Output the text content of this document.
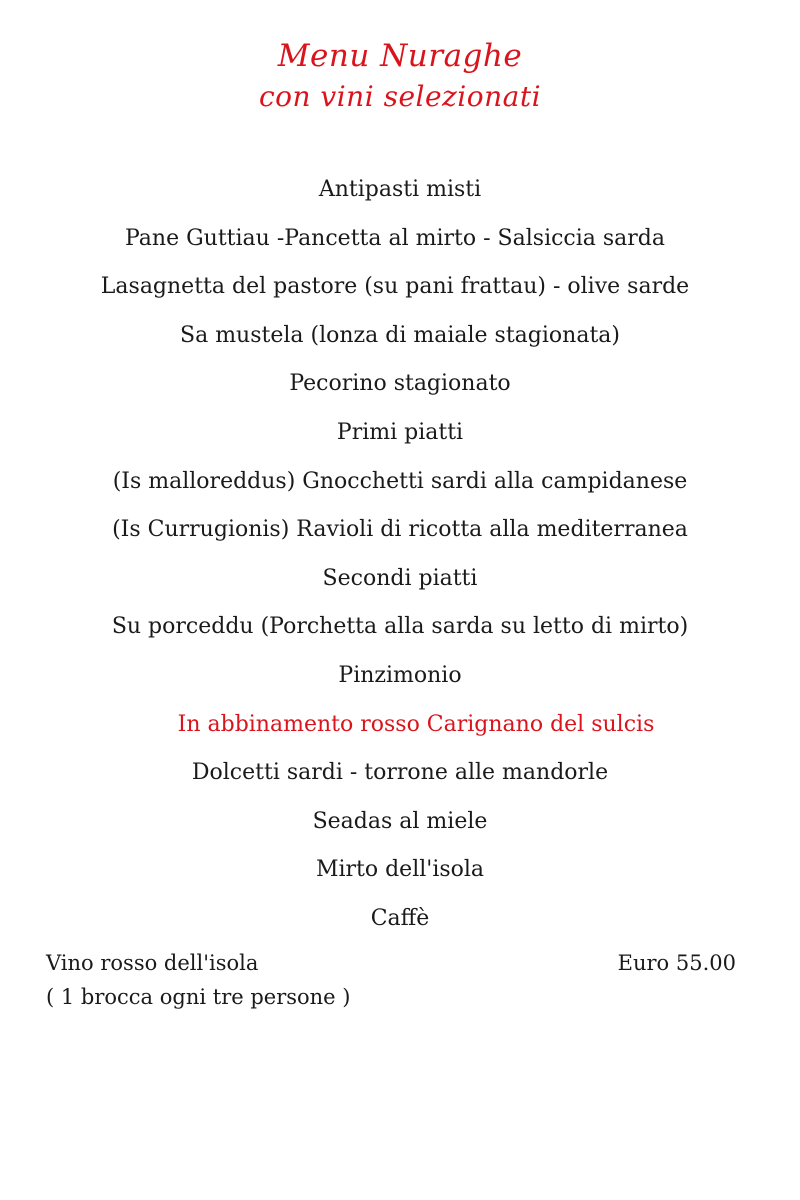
Menu Nuraghe
con vini selezionati
Antipasti misti
Pane Guttiau -Pancetta al mirto - Salsiccia sarda
Lasagnetta del pastore (su pani frattau) - olive sarde
Sa mustela (lonza di maiale stagionata)
Pecorino stagionato
Primi piatti
(Is malloreddus) Gnocchetti sardi alla campidanese
(Is Currugionis) Ravioli di ricotta alla mediterranea
Secondi piatti
Su porceddu (Porchetta alla sarda su letto di mirto)
Pinzimonio
In abbinamento rosso Carignano del sulcis
Dolcetti sardi - torrone alle mandorle
Seadas al miele
Mirto dell'isola
Caffè
Vino rosso dell'isola
( 1 brocca ogni tre persone )
Euro 55.00
